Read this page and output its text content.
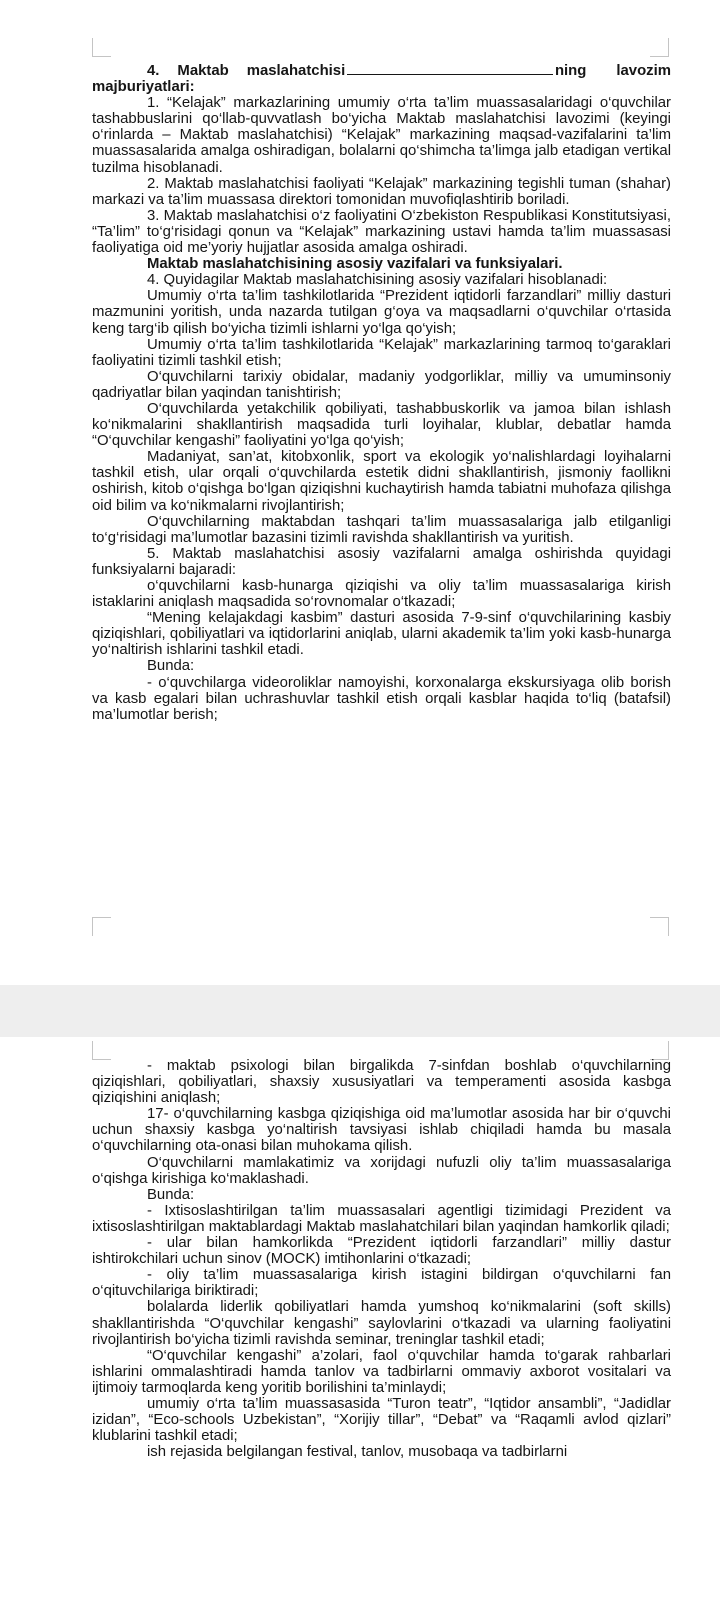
4. Maktab maslahatchisi	ning lavozim

majburiyatlari:

1. “Kelajak” markazlarining umumiy o‘rta ta’lim muassasalaridagi o‘quvchilar tashabbuslarini qo‘llab-quvvatlash bo‘yicha Maktab maslahatchisi lavozimi (keyingi o‘rinlarda – Maktab maslahatchisi) “Kelajak” markazining maqsad-vazifalarini ta’lim muassasalarida amalga oshiradigan, bolalarni qo‘shimcha ta’limga jalb etadigan vertikal tuzilma hisoblanadi.

2. Maktab maslahatchisi faoliyati “Kelajak” markazining tegishli tuman (shahar) markazi va ta’lim muassasa direktori tomonidan muvofiqlashtirib boriladi.

3. Maktab maslahatchisi o‘z faoliyatini O‘zbekiston Respublikasi Konstitutsiyasi, “Ta’lim” to‘g‘risidagi qonun va “Kelajak” markazining ustavi hamda ta’lim muassasasi faoliyatiga oid me’yoriy hujjatlar asosida amalga oshiradi.

Maktab maslahatchisining asosiy vazifalari va funksiyalari.

4. Quyidagilar Maktab maslahatchisining asosiy vazifalari hisoblanadi:

Umumiy o‘rta ta’lim tashkilotlarida “Prezident iqtidorli farzandlari” milliy dasturi mazmunini yoritish, unda nazarda tutilgan g‘oya va maqsadlarni o‘quvchilar o‘rtasida keng targ‘ib qilish bo‘yicha tizimli ishlarni yo‘lga qo‘yish;

Umumiy o‘rta ta’lim tashkilotlarida “Kelajak” markazlarining tarmoq to‘garaklari faoliyatini tizimli tashkil etish;

O‘quvchilarni tarixiy obidalar, madaniy yodgorliklar, milliy va umuminsoniy qadriyatlar bilan yaqindan tanishtirish;

O‘quvchilarda yetakchilik qobiliyati, tashabbuskorlik va jamoa bilan ishlash ko‘nikmalarini shakllantirish maqsadida turli loyihalar, klublar, debatlar hamda “O‘quvchilar kengashi” faoliyatini yo‘lga qo‘yish;

Madaniyat, san’at, kitobxonlik, sport va ekologik yo‘nalishlardagi loyihalarni tashkil etish, ular orqali o‘quvchilarda estetik didni shakllantirish, jismoniy faollikni oshirish, kitob o‘qishga bo‘lgan qiziqishni kuchaytirish hamda tabiatni muhofaza qilishga oid bilim va ko‘nikmalarni rivojlantirish;

O‘quvchilarning maktabdan tashqari ta’lim muassasalariga jalb etilganligi to‘g‘risidagi ma’lumotlar bazasini tizimli ravishda shakllantirish va yuritish.

5. Maktab maslahatchisi asosiy vazifalarni amalga oshirishda quyidagi funksiyalarni bajaradi:

o‘quvchilarni kasb-hunarga qiziqishi va oliy ta’lim muassasalariga kirish istaklarini aniqlash maqsadida so‘rovnomalar o‘tkazadi;

“Mening kelajakdagi kasbim” dasturi asosida 7-9-sinf o‘quvchilarining kasbiy qiziqishlari, qobiliyatlari va iqtidorlarini aniqlab, ularni akademik ta’lim yoki kasb-hunarga yo‘naltirish ishlarini tashkil etadi.

Bunda:

- o‘quvchilarga videoroliklar namoyishi, korxonalarga ekskursiyaga olib borish va kasb egalari bilan uchrashuvlar tashkil etish orqali kasblar haqida to‘liq (batafsil) ma’lumotlar berish;

- maktab psixologi bilan birgalikda 7-sinfdan boshlab o‘quvchilarning qiziqishlari, qobiliyatlari, shaxsiy xususiyatlari va temperamenti asosida kasbga qiziqishini aniqlash;

17- o‘quvchilarning kasbga qiziqishiga oid ma’lumotlar asosida har bir o‘quvchi uchun shaxsiy kasbga yo‘naltirish tavsiyasi ishlab chiqiladi hamda bu masala o‘quvchilarning ota-onasi bilan muhokama qilish.

O‘quvchilarni mamlakatimiz va xorijdagi nufuzli oliy ta’lim muassasalariga o‘qishga kirishiga ko‘maklashadi.

Bunda:

- Ixtisoslashtirilgan ta’lim muassasalari agentligi tizimidagi Prezident va ixtisoslashtirilgan maktablardagi Maktab maslahatchilari bilan yaqindan hamkorlik qiladi;

- ular bilan hamkorlikda “Prezident iqtidorli farzandlari” milliy dastur ishtirokchilari uchun sinov (MOCK) imtihonlarini o‘tkazadi;

- oliy ta’lim muassasalariga kirish istagini bildirgan o‘quvchilarni fan o‘qituvchilariga biriktiradi;

bolalarda liderlik qobiliyatlari hamda yumshoq ko‘nikmalarini (soft skills) shakllantirishda “O‘quvchilar kengashi” saylovlarini o‘tkazadi va ularning faoliyatini rivojlantirish bo‘yicha tizimli ravishda seminar, treninglar tashkil etadi;

“O‘quvchilar kengashi” a’zolari, faol o‘quvchilar hamda to‘garak rahbarlari ishlarini ommalashtiradi hamda tanlov va tadbirlarni ommaviy axborot vositalari va ijtimoiy tarmoqlarda keng yoritib borilishini ta’minlaydi;

umumiy o‘rta ta’lim muassasasida “Turon teatr”, “Iqtidor ansambli”, “Jadidlar izidan”, “Eco-schools Uzbekistan”, “Xorijiy tillar”, “Debat” va “Raqamli avlod qizlari” klublarini tashkil etadi;

ish rejasida belgilangan festival, tanlov, musobaqa va tadbirlarni
